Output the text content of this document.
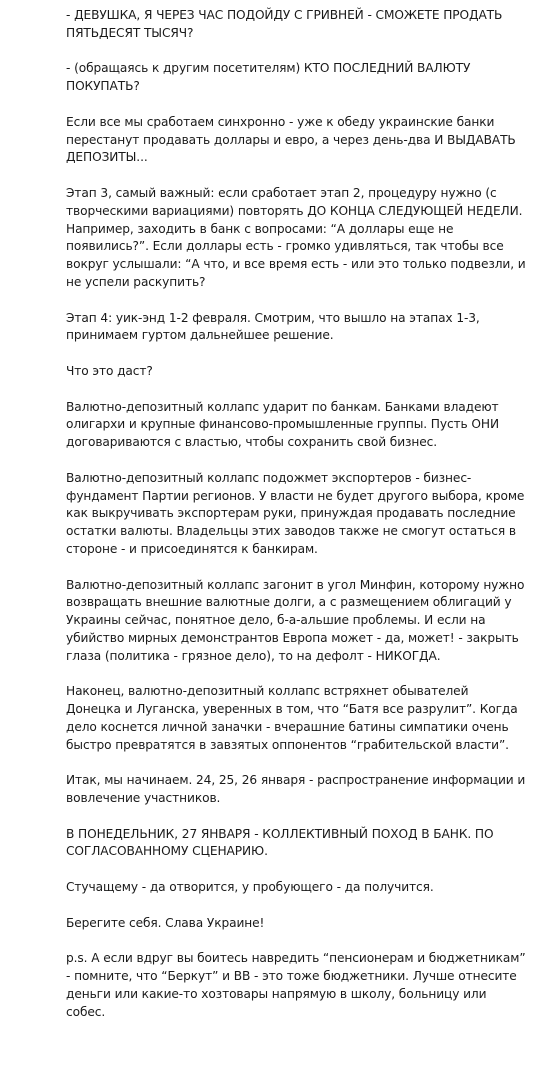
- ДЕВУШКА, Я ЧЕРЕЗ ЧАС ПОДОЙДУ С ГРИВНЕЙ - СМОЖЕТЕ ПРОДАТЬ ПЯТЬДЕСЯТ ТЫСЯЧ?

- (обращаясь к другим посетителям) КТО ПОСЛЕДНИЙ ВАЛЮТУ ПОКУПАТЬ?

Если все мы сработаем синхронно - уже к обеду украинские банки перестанут продавать доллары и евро, а через день-два И ВЫДАВАТЬ ДЕПОЗИТЫ...

Этап 3, самый важный: если сработает этап 2, процедуру нужно (с творческими вариациями) повторять ДО КОНЦА СЛЕДУЮЩЕЙ НЕДЕЛИ. Например, заходить в банк с вопросами: “А доллары еще не появились?”. Если доллары есть - громко удивляться, так чтобы все вокруг услышали: “А что, и все время есть - или это только подвезли, и не успели раскупить?

Этап 4: уик-энд 1-2 февраля. Смотрим, что вышло на этапах 1-3, принимаем гуртом дальнейшее решение.

Что это даст?

Валютно-депозитный коллапс ударит по банкам. Банками владеют олигархи и крупные финансово-промышленные группы. Пусть ОНИ договариваются с властью, чтобы сохранить свой бизнес.

Валютно-депозитный коллапс подожмет экспортеров - бизнес-фундамент Партии регионов. У власти не будет другого выбора, кроме как выкручивать экспортерам руки, принуждая продавать последние остатки валюты. Владельцы этих заводов также не смогут остаться в стороне - и присоединятся к банкирам.

Валютно-депозитный коллапс загонит в угол Минфин, которому нужно возвращать внешние валютные долги, а с размещением облигаций у Украины сейчас, понятное дело, б-а-альшие проблемы. И если на убийство мирных демонстрантов Европа может - да, может! - закрыть глаза (политика - грязное дело), то на дефолт - НИКОГДА.

Наконец, валютно-депозитный коллапс встряхнет обывателей Донецка и Луганска, уверенных в том, что “Батя все разрулит”. Когда дело коснется личной заначки - вчерашние батины симпатики очень быстро превратятся в завзятых оппонентов “грабительской власти”.

Итак, мы начинаем. 24, 25, 26 января - распространение информации и вовлечение участников.

В ПОНЕДЕЛЬНИК, 27 ЯНВАРЯ - КОЛЛЕКТИВНЫЙ ПОХОД В БАНК. ПО СОГЛАСОВАННОМУ СЦЕНАРИЮ.

Стучащему - да отворится, у пробующего - да получится.

Берегите себя. Слава Украине!

p.s. А если вдруг вы боитесь навредить “пенсионерам и бюджетникам” - помните, что “Беркут” и ВВ - это тоже бюджетники. Лучше отнесите деньги или какие-то хозтовары напрямую в школу, больницу или собес.
